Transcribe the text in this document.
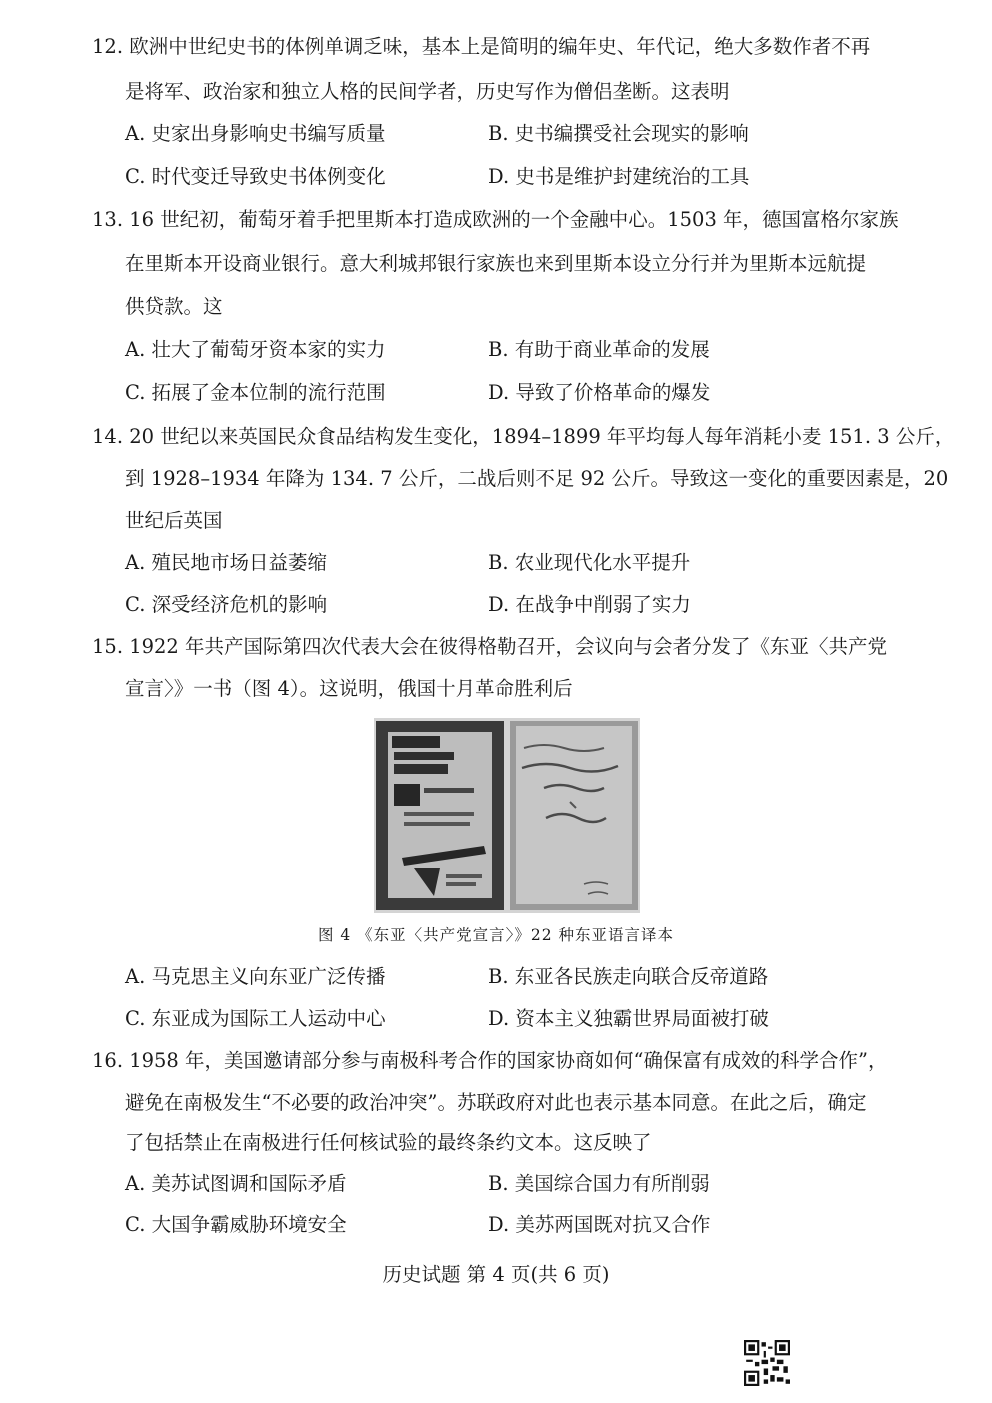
12. 欧洲中世纪史书的体例单调乏味，基本上是简明的编年史、年代记，绝大多数作者不再
是将军、政治家和独立人格的民间学者，历史写作为僧侣垄断。这表明
A. 史家出身影响史书编写质量	B. 史书编撰受社会现实的影响
C. 时代变迁导致史书体例变化	D. 史书是维护封建统治的工具
13. 16 世纪初，葡萄牙着手把里斯本打造成欧洲的一个金融中心。1503 年，德国富格尔家族
在里斯本开设商业银行。意大利城邦银行家族也来到里斯本设立分行并为里斯本远航提
供贷款。这
A. 壮大了葡萄牙资本家的实力	B. 有助于商业革命的发展
C. 拓展了金本位制的流行范围	D. 导致了价格革命的爆发
14. 20 世纪以来英国民众食品结构发生变化，1894–1899 年平均每人每年消耗小麦 151. 3 公斤，
到 1928–1934 年降为 134. 7 公斤，二战后则不足 92 公斤。导致这一变化的重要因素是，20
世纪后英国
A. 殖民地市场日益萎缩	B. 农业现代化水平提升
C. 深受经济危机的影响	D. 在战争中削弱了实力
15. 1922 年共产国际第四次代表大会在彼得格勒召开，会议向与会者分发了《东亚〈共产党
宣言〉》一书（图 4）。这说明，俄国十月革命胜利后
图 4 《东亚〈共产党宣言〉》22 种东亚语言译本
A. 马克思主义向东亚广泛传播	B. 东亚各民族走向联合反帝道路
C. 东亚成为国际工人运动中心	D. 资本主义独霸世界局面被打破
16. 1958 年，美国邀请部分参与南极科考合作的国家协商如何“确保富有成效的科学合作”，
避免在南极发生“不必要的政治冲突”。苏联政府对此也表示基本同意。在此之后，确定
了包括禁止在南极进行任何核试验的最终条约文本。这反映了
A. 美苏试图调和国际矛盾	B. 美国综合国力有所削弱
C. 大国争霸威胁环境安全	D. 美苏两国既对抗又合作
历史试题 第 4 页(共 6 页)
